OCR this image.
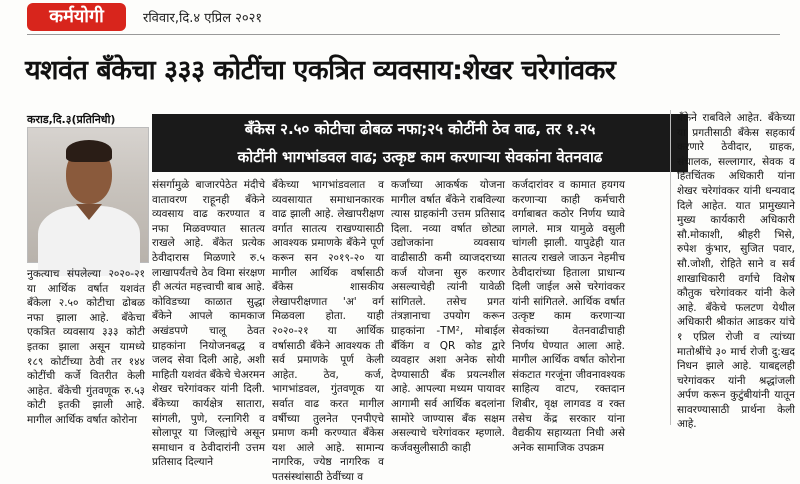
कर्मयोगी	रविवार,दि.४ एप्रिल २०२१
यशवंत बँकेचा ३३३ कोटींचा एकत्रित व्यवसाय:शेखर चरेगांवकर
कराड,दि.३(प्रतिनिधी)
बँकेस २.५० कोटीचा ढोबळ नफा;२५ कोटींनी ठेव वाढ, तर १.२५
कोटींनी भागभांडवल वाढ; उत्कृष्ट काम करणाऱ्या सेवकांना वेतनवाढ
नुकत्याच संपलेल्या २०२०-२१ या आर्थिक वर्षात यशवंत बँकेला २.५० कोटीचा ढोबळ नफा झाला आहे. बँकेचा एकत्रित व्यवसाय ३३३ कोटी इतका झाला असून यामध्ये १८९ कोटींच्या ठेवी तर १४४ कोटींची कर्जे वितरीत केली आहेत. बँकेची गुंतवणूक रु.५३ कोटी इतकी झाली आहे. मागील आर्थिक वर्षात कोरोना
संसर्गामुळे बाजारपेठेत मंदीचे वातावरण राहूनही बँकेने व्यवसाय वाढ करण्यात व नफा मिळवण्यात सातत्य राखले आहे. बँकेत प्रत्येक ठेवीदारास मिळणारे रु.५ लाखापर्यंतचे ठेव विमा संरक्षण ही अत्यंत महत्त्वाची बाब आहे. कोविडच्या काळात सुद्धा बँकेने आपले कामकाज अखंडपणे चालू ठेवत ग्राहकांना नियोजनबद्ध व जलद सेवा दिली आहे, अशी माहिती यशवंत बँकेचे चेअरमन शेखर चरेगांवकर यांनी दिली. बँकेच्या कार्यक्षेत्र सातारा, सांगली, पुणे, रत्नागिरी व सोलापूर या जिल्ह्यांचे असून समाधान व ठेवीदारांनी उत्तम प्रतिसाद दिल्याने
बँकेच्या भागभांडवलात व व्यवसायात समाधानकारक वाढ झाली आहे. लेखापरीक्षण वर्गात सातत्य राखण्यासाठी आवश्यक प्रमाणके बँकेने पूर्ण करून सन २०१९-२० या मागील आर्थिक वर्षासाठी बँकेस शासकीय लेखापरीक्षणात 'अ' वर्ग मिळवला होता. याही २०२०-२१ या आर्थिक वर्षासाठी बँकेने आवश्यक ती सर्व प्रमाणके पूर्ण केली आहेत. ठेव, कर्ज, भागभांडवल, गुंतवणूक या सर्वात वाढ करत मागील वर्षीच्या तुलनेत एनपीएचे प्रमाण कमी करण्यात बँकेस यश आले आहे. सामान्य नागरिक, ज्येष्ठ नागरिक व पतसंस्थांसाठी ठेवींच्या व
कर्जांच्या आकर्षक योजना मागील वर्षात बँकेने राबविल्या त्यास ग्राहकांनी उत्तम प्रतिसाद दिला. नव्या वर्षात छोट्या उद्योजकांना व्यवसाय वाढीसाठी कमी व्याजदराच्या कर्ज योजना सुरु करणार असल्याचेही त्यांनी यावेळी सांगितले. तसेच प्रगत तंत्रज्ञानाचा उपयोग करून ग्राहकांना -TM², मोबाईल बँकिंग व QR कोड द्वारे व्यवहार अशा अनेक सोयी देण्यासाठी बँक प्रयत्नशील आहे. आपल्या मध्यम पायावर आगामी सर्व आर्थिक बदलांना सामोरे जाण्यास बँक सक्षम असल्याचे चरेगांवकर म्हणाले. कर्जवसुलीसाठी काही
कर्जदारांवर व कामात हयगय करणाऱ्या काही कर्मचारी वर्गाबाबत कठोर निर्णय घ्यावे लागले. मात्र यामुळे वसुली चांगली झाली. यापुढेही यात सातत्य राखले जाऊन नेहमीच ठेवीदारांच्या हिताला प्राधान्य दिली जाईल असे चरेगांवकर यांनी सांगितले. आर्थिक वर्षात उत्कृष्ट काम करणाऱ्या सेवकांच्या वेतनवाढीचाही निर्णय घेण्यात आला आहे. मागील आर्थिक वर्षात कोरोना संकटात गरजूंना जीवनावश्यक साहित्य वाटप, रक्तदान शिबीर, वृक्ष लागवड व रक्त तसेच केंद्र सरकार यांना वैद्यकीय सहाय्यता निधी असे अनेक सामाजिक उपक्रम
बँकेने राबविले आहेत. बँकेच्या या प्रगतीसाठी बँकेस सहकार्य करणारे ठेवीदार, ग्राहक, संचालक, सल्लागार, सेवक व हितचिंतक अधिकारी यांना शेखर चरेगांवकर यांनी धन्यवाद दिले आहेत. यात प्रामुख्याने मुख्य कार्यकारी अधिकारी सौ.मोकाशी, श्रीहरी भिसे, रुपेश कुंभार, सुजित पवार, सौ.जोशी, रोहिते साने व सर्व शाखाधिकारी वर्गाचे विशेष कौतुक चरेगांवकर यांनी केले आहे. बँकेचे फलटण येथील अधिकारी श्रीकांत आडकर यांचे १ एप्रिल रोजी व त्यांच्या मातोश्रींचे ३० मार्च रोजी दु:खद निधन झाले आहे. याबद्दलही चरेगांवकर यांनी श्रद्धांजली अर्पण करून कुटुंबीयांनी यातून सावरण्यासाठी प्रार्थना केली आहे.
